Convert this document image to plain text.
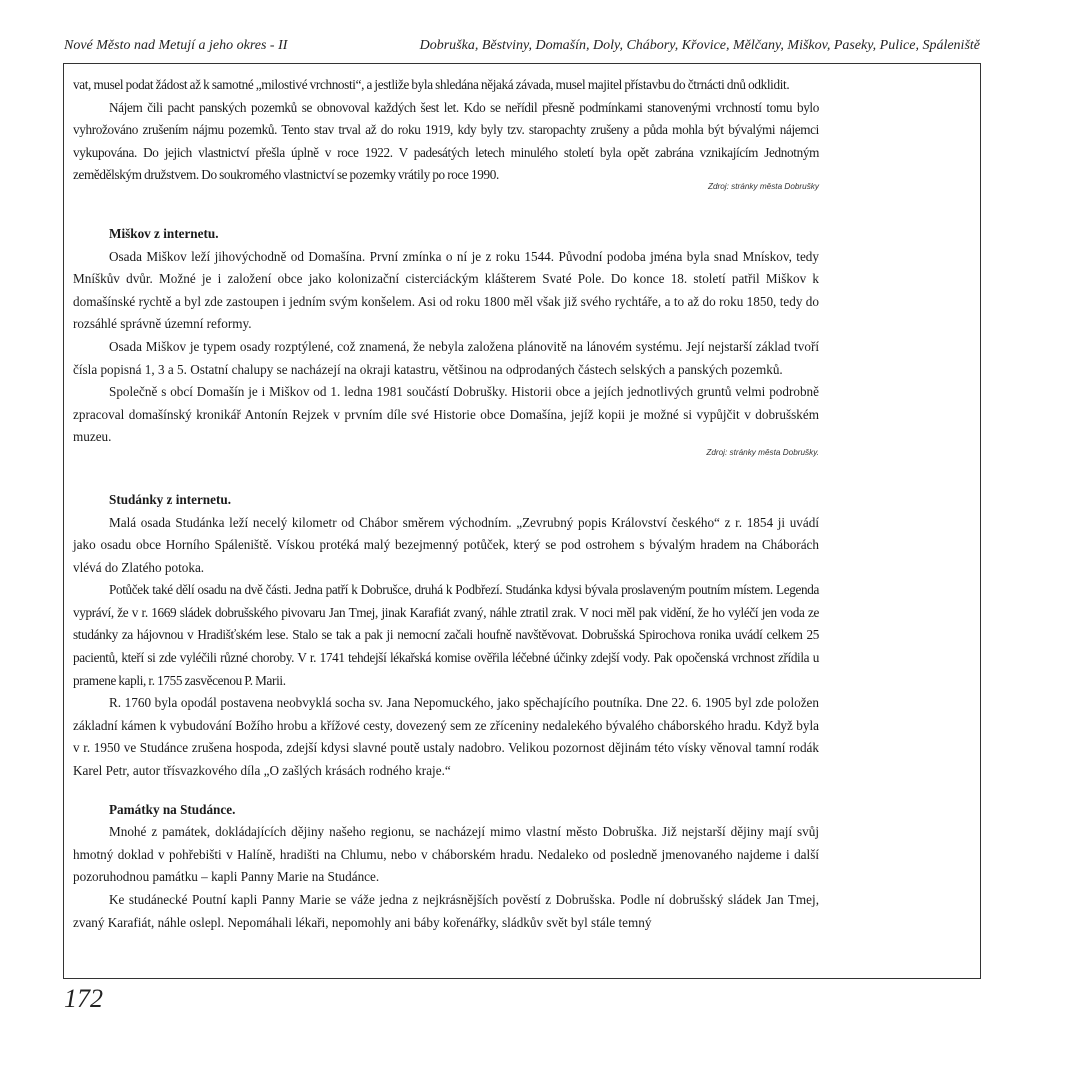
Nové Město nad Metují a jeho okres - II	Dobruška, Běstviny, Domašín, Doly, Chábory, Křovice, Mělčany, Miškov, Paseky, Pulice, Spáleniště

vat, musel podat žádost až k samotné „milostivé vrchnosti“, a jestliže byla shledána nějaká závada, musel majitel přístavbu do čtrnácti dnů odklidit.

Nájem čili pacht panských pozemků se obnovoval každých šest let. Kdo se neřídil přesně podmínkami stanovenými vrchností tomu bylo vyhrožováno zrušením nájmu pozemků. Tento stav trval až do roku 1919, kdy byly tzv. staropachty zrušeny a půda mohla být bývalými nájemci vykupována. Do jejich vlastnictví přešla úplně v roce 1922. V padesátých letech minulého století byla opět zabrána vznikajícím Jednotným zemědělským družstvem. Do soukromého vlastnictví se pozemky vrátily po roce 1990.

Zdroj: stránky města Dobrušky

Miškov z internetu.

Osada Miškov leží jihovýchodně od Domašína. První zmínka o ní je z roku 1544. Původní podoba jména byla snad Mnískov, tedy Mníškův dvůr. Možné je i založení obce jako kolonizační cisterciáckým klášterem Svaté Pole. Do konce 18. století patřil Miškov k domašínské rychtě a byl zde zastoupen i jedním svým konšelem. Asi od roku 1800 měl však již svého rychtáře, a to až do roku 1850, tedy do rozsáhlé správně územní reformy.

Osada Miškov je typem osady rozptýlené, což znamená, že nebyla založena plánovitě na lánovém systému. Její nejstarší základ tvoří čísla popisná 1, 3 a 5. Ostatní chalupy se nacházejí na okraji katastru, většinou na odprodaných částech selských a panských pozemků.

Společně s obcí Domašín je i Miškov od 1. ledna 1981 součástí Dobrušky. Historii obce a jejích jednotlivých gruntů velmi podrobně zpracoval domašínský kronikář Antonín Rejzek v prvním díle své Historie obce Domašína, jejíž kopii je možné si vypůjčit v dobrušském muzeu.

Zdroj: stránky města Dobrušky.

Studánky z internetu.

Malá osada Studánka leží necelý kilometr od Chábor směrem východním. „Zevrubný popis Království českého“ z r. 1854 ji uvádí jako osadu obce Horního Spáleniště. Vískou protéká malý bezejmenný potůček, který se pod ostrohem s bývalým hradem na Cháborách vlévá do Zlatého potoka.

Potůček také dělí osadu na dvě části. Jedna patří k Dobrušce, druhá k Podbřezí. Studánka kdysi bývala proslaveným poutním místem. Legenda vypráví, že v r. 1669 sládek dobrušského pivovaru Jan Tmej, jinak Karafiát zvaný, náhle ztratil zrak. V noci měl pak vidění, že ho vyléčí jen voda ze studánky za hájovnou v Hradišťském lese. Stalo se tak a pak ji nemocní začali houfně navštěvovat. Dobrušská Spirochova ronika uvádí celkem 25 pacientů, kteří si zde vyléčili různé choroby. V r. 1741 tehdejší lékařská komise ověřila léčebné účinky zdejší vody. Pak opočenská vrchnost zřídila u pramene kapli, r. 1755 zasvěcenou P. Marii.

R. 1760 byla opodál postavena neobvyklá socha sv. Jana Nepomuckého, jako spěchajícího poutníka. Dne 22. 6. 1905 byl zde položen základní kámen k vybudování Božího hrobu a křížové cesty, dovezený sem ze zříceniny nedalekého bývalého cháborského hradu. Když byla v r. 1950 ve Studánce zrušena hospoda, zdejší kdysi slavné poutě ustaly nadobro. Velikou pozornost dějinám této vísky věnoval tamní rodák Karel Petr, autor třísvazkového díla „O zašlých krásách rodného kraje.“

Památky na Studánce.

Mnohé z památek, dokládajících dějiny našeho regionu, se nacházejí mimo vlastní město Dobruška. Již nejstarší dějiny mají svůj hmotný doklad v pohřebišti v Halíně, hradišti na Chlumu, nebo v cháborském hradu. Nedaleko od posledně jmenovaného najdeme i další pozoruhodnou památku – kapli Panny Marie na Studánce.

Ke studánecké Poutní kapli Panny Marie se váže jedna z nejkrásnějších pověstí z Dobrušska. Podle ní dobrušský sládek Jan Tmej, zvaný Karafiát, náhle oslepl. Nepomáhali lékaři, nepomohly ani báby kořenářky, sládkův svět byl stále temný

172
